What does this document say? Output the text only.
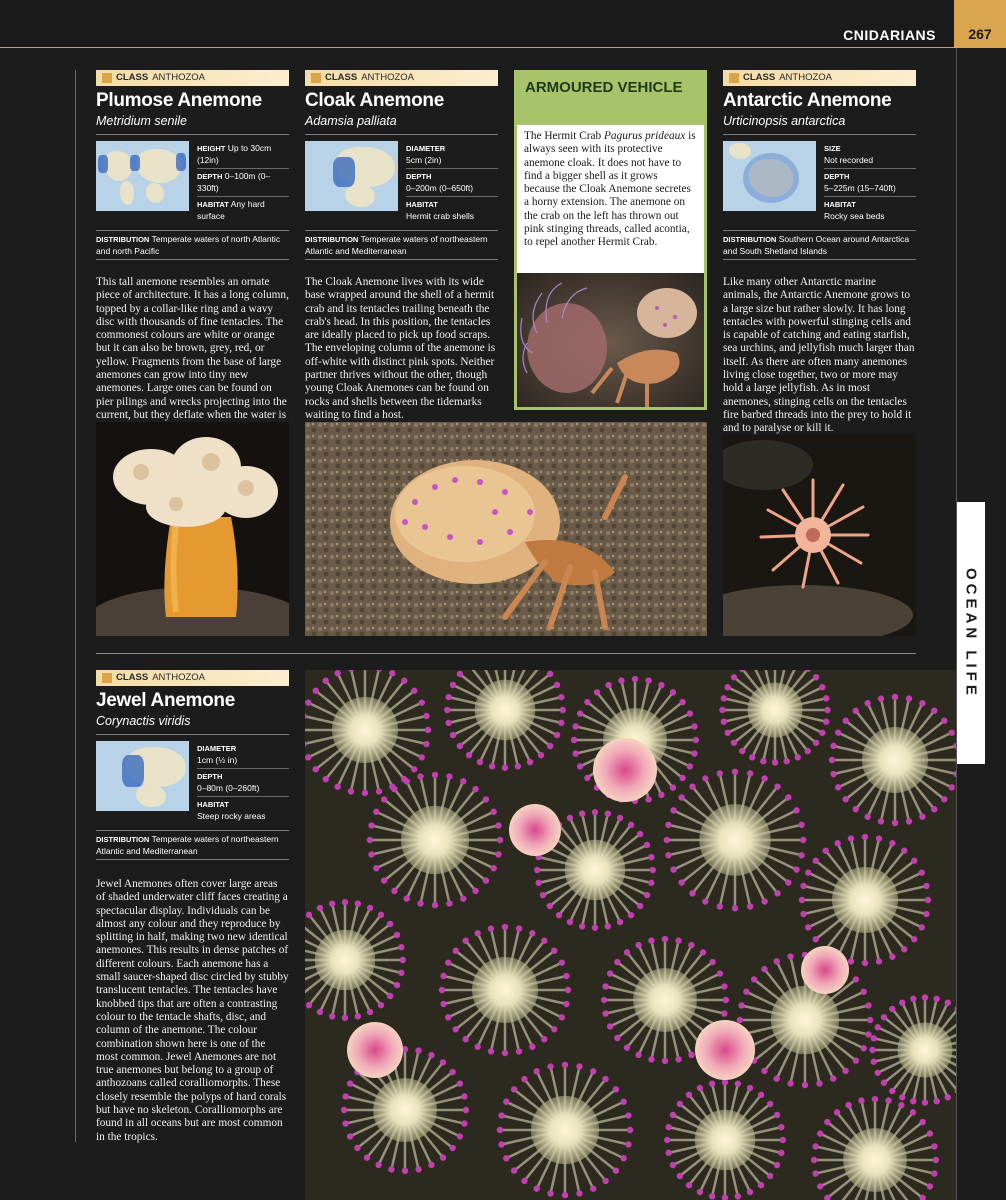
CNIDARIANS	267
OCEAN LIFE
CLASS ANTHOZOA
Plumose Anemone
Metridium senile
HEIGHT Up to 30cm (12in)
DEPTH 0–100m (0–330ft)
HABITAT Any hard surface
DISTRIBUTION Temperate waters of north Atlantic and north Pacific
This tall anemone resembles an ornate piece of architecture. It has a long column, topped by a collar-like ring and a wavy disc with thousands of fine tentacles. The commonest colours are white or orange but it can also be brown, grey, red, or yellow. Fragments from the base of large anemones can grow into tiny new anemones. Large ones can be found on pier pilings and wrecks projecting into the current, but they deflate when the water is
CLASS ANTHOZOA
Cloak Anemone
Adamsia palliata
DIAMETER
5cm (2in)
DEPTH
0–200m (0–650ft)
HABITAT
Hermit crab shells
DISTRIBUTION Temperate waters of northeastern Atlantic and Mediterranean
The Cloak Anemone lives with its wide base wrapped around the shell of a hermit crab and its tentacles trailing beneath the crab's head. In this position, the tentacles are ideally placed to pick up food scraps. The enveloping column of the anemone is off-white with distinct pink spots. Neither partner thrives without the other, though young Cloak Anemones can be found on rocks and shells between the tidemarks waiting to find a host.
ARMOURED VEHICLE
The Hermit Crab Pagurus prideaux is always seen with its protective anemone cloak. It does not have to find a bigger shell as it grows because the Cloak Anemone secretes a horny extension. The anemone on the crab on the left has thrown out pink stinging threads, called acontia, to repel another Hermit Crab.
CLASS ANTHOZOA
Antarctic Anemone
Urticinopsis antarctica
SIZE
Not recorded
DEPTH
5–225m (15–740ft)
HABITAT
Rocky sea beds
DISTRIBUTION Southern Ocean around Antarctica and South Shetland Islands
Like many other Antarctic marine animals, the Antarctic Anemone grows to a large size but rather slowly. It has long tentacles with powerful stinging cells and is capable of catching and eating starfish, sea urchins, and jellyfish much larger than itself. As there are often many anemones living close together, two or more may hold a large jellyfish. As in most anemones, stinging cells on the tentacles fire barbed threads into the prey to hold it and to paralyse or kill it.
CLASS ANTHOZOA
Jewel Anemone
Corynactis viridis
DIAMETER
1cm (½ in)
DEPTH
0–80m (0–260ft)
HABITAT
Steep rocky areas
DISTRIBUTION Temperate waters of northeastern Atlantic and Mediterranean
Jewel Anemones often cover large areas of shaded underwater cliff faces creating a spectacular display. Individuals can be almost any colour and they reproduce by splitting in half, making two new identical anemones. This results in dense patches of different colours. Each anemone has a small saucer-shaped disc circled by stubby translucent tentacles. The tentacles have knobbed tips that are often a contrasting colour to the tentacle shafts, disc, and column of the anemone. The colour combination shown here is one of the most common. Jewel Anemones are not true anemones but belong to a group of anthozoans called coralliomorphs. These closely resemble the polyps of hard corals but have no skeleton. Coralliomorphs are found in all oceans but are most common in the tropics.
